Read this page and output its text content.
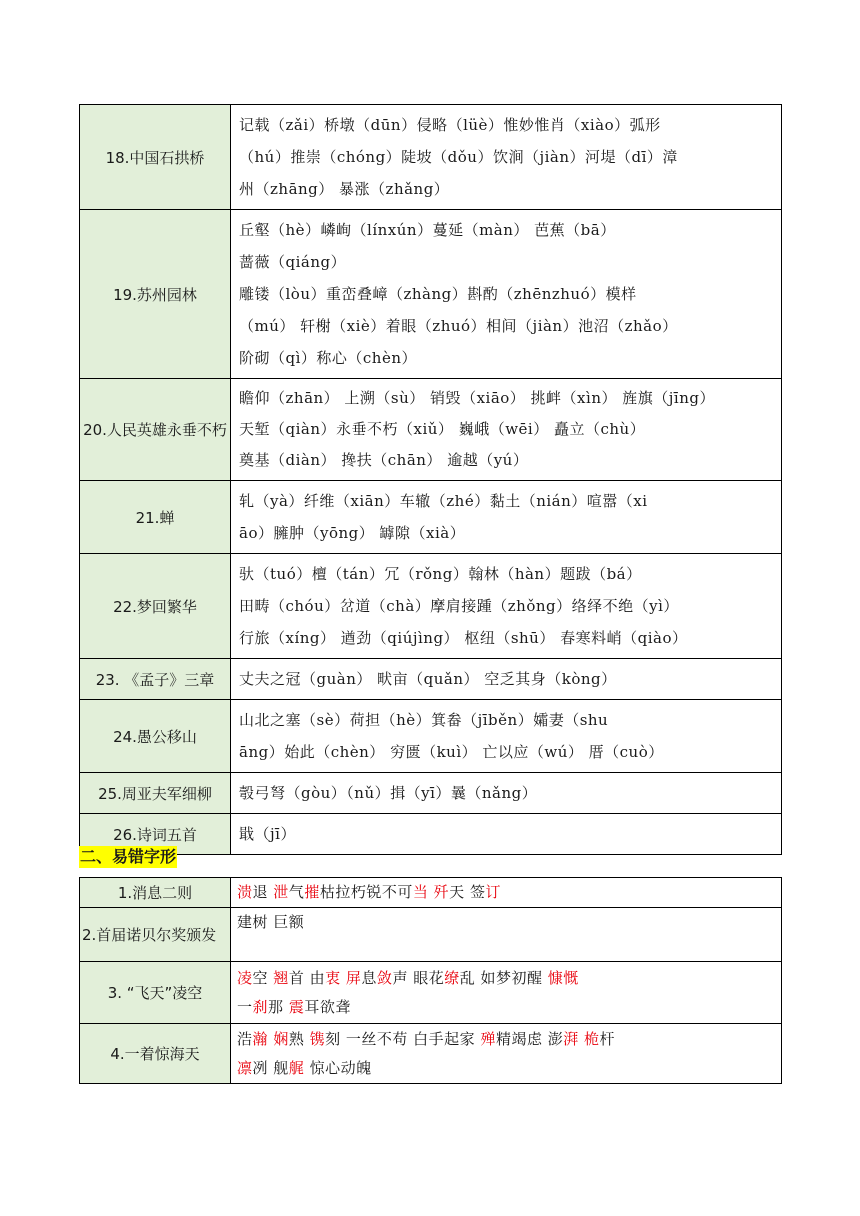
18.中国石拱桥	记载（zǎi）桥墩（dūn）侵略（lüè）惟妙惟肖（xiào）弧形
（hú）推崇（chóng）陡坡（dǒu）饮涧（jiàn）河堤（dī）漳
州（zhāng） 暴涨（zhǎng）

19.苏州园林	丘壑（hè）嶙峋（línxún）蔓延（màn） 芭蕉（bā）
蔷薇（qiáng）
雕镂（lòu）重峦叠嶂（zhàng）斟酌（zhēnzhuó）模样
（mú） 轩榭（xiè）着眼（zhuó）相间（jiàn）池沼（zhǎo）
阶砌（qì）称心（chèn）

20.人民英雄永垂不朽	瞻仰（zhān） 上溯（sù） 销毁（xiāo） 挑衅（xìn） 旌旗（jīng）
天堑（qiàn）永垂不朽（xiǔ） 巍峨（wēi） 矗立（chù）
奠基（diàn） 搀扶（chān） 逾越（yú）

21.蝉	轧（yà）纤维（xiān）车辙（zhé）黏土（nián）喧嚣（xi
āo）臃肿（yōng） 罅隙（xià）

22.梦回繁华	驮（tuó）檀（tán）冗（rǒng）翰林（hàn）题跋（bá）
田畴（chóu）岔道（chà）摩肩接踵（zhǒng）络绎不绝（yì）
行旅（xíng） 遒劲（qiújìng） 枢纽（shū） 春寒料峭（qiào）

23. 《孟子》三章	丈夫之冠（guàn） 畎亩（quǎn） 空乏其身（kòng）

24.愚公移山	山北之塞（sè）荷担（hè）箕畚（jīběn）孀妻（shu
āng）始此（chèn） 穷匮（kuì） 亡以应（wú） 厝（cuò）

25.周亚夫军细柳	彀弓弩（gòu）（nǔ）揖（yī）曩（nǎng）

26.诗词五首	戢（jī）
二、易错字形
1.消息二则	溃退 泄气摧枯拉朽锐不可当 歼天 签订

2.首届诺贝尔奖颁发	建树 巨额

3. “飞天”凌空	凌空 翘首 由衷 屏息敛声 眼花缭乱 如梦初醒 慷慨
一刹那 震耳欲聋

4.一着惊海天	浩瀚 娴熟 镌刻 一丝不苟 白手起家 殚精竭虑 澎湃 桅杆
凛冽 舰艉 惊心动魄
